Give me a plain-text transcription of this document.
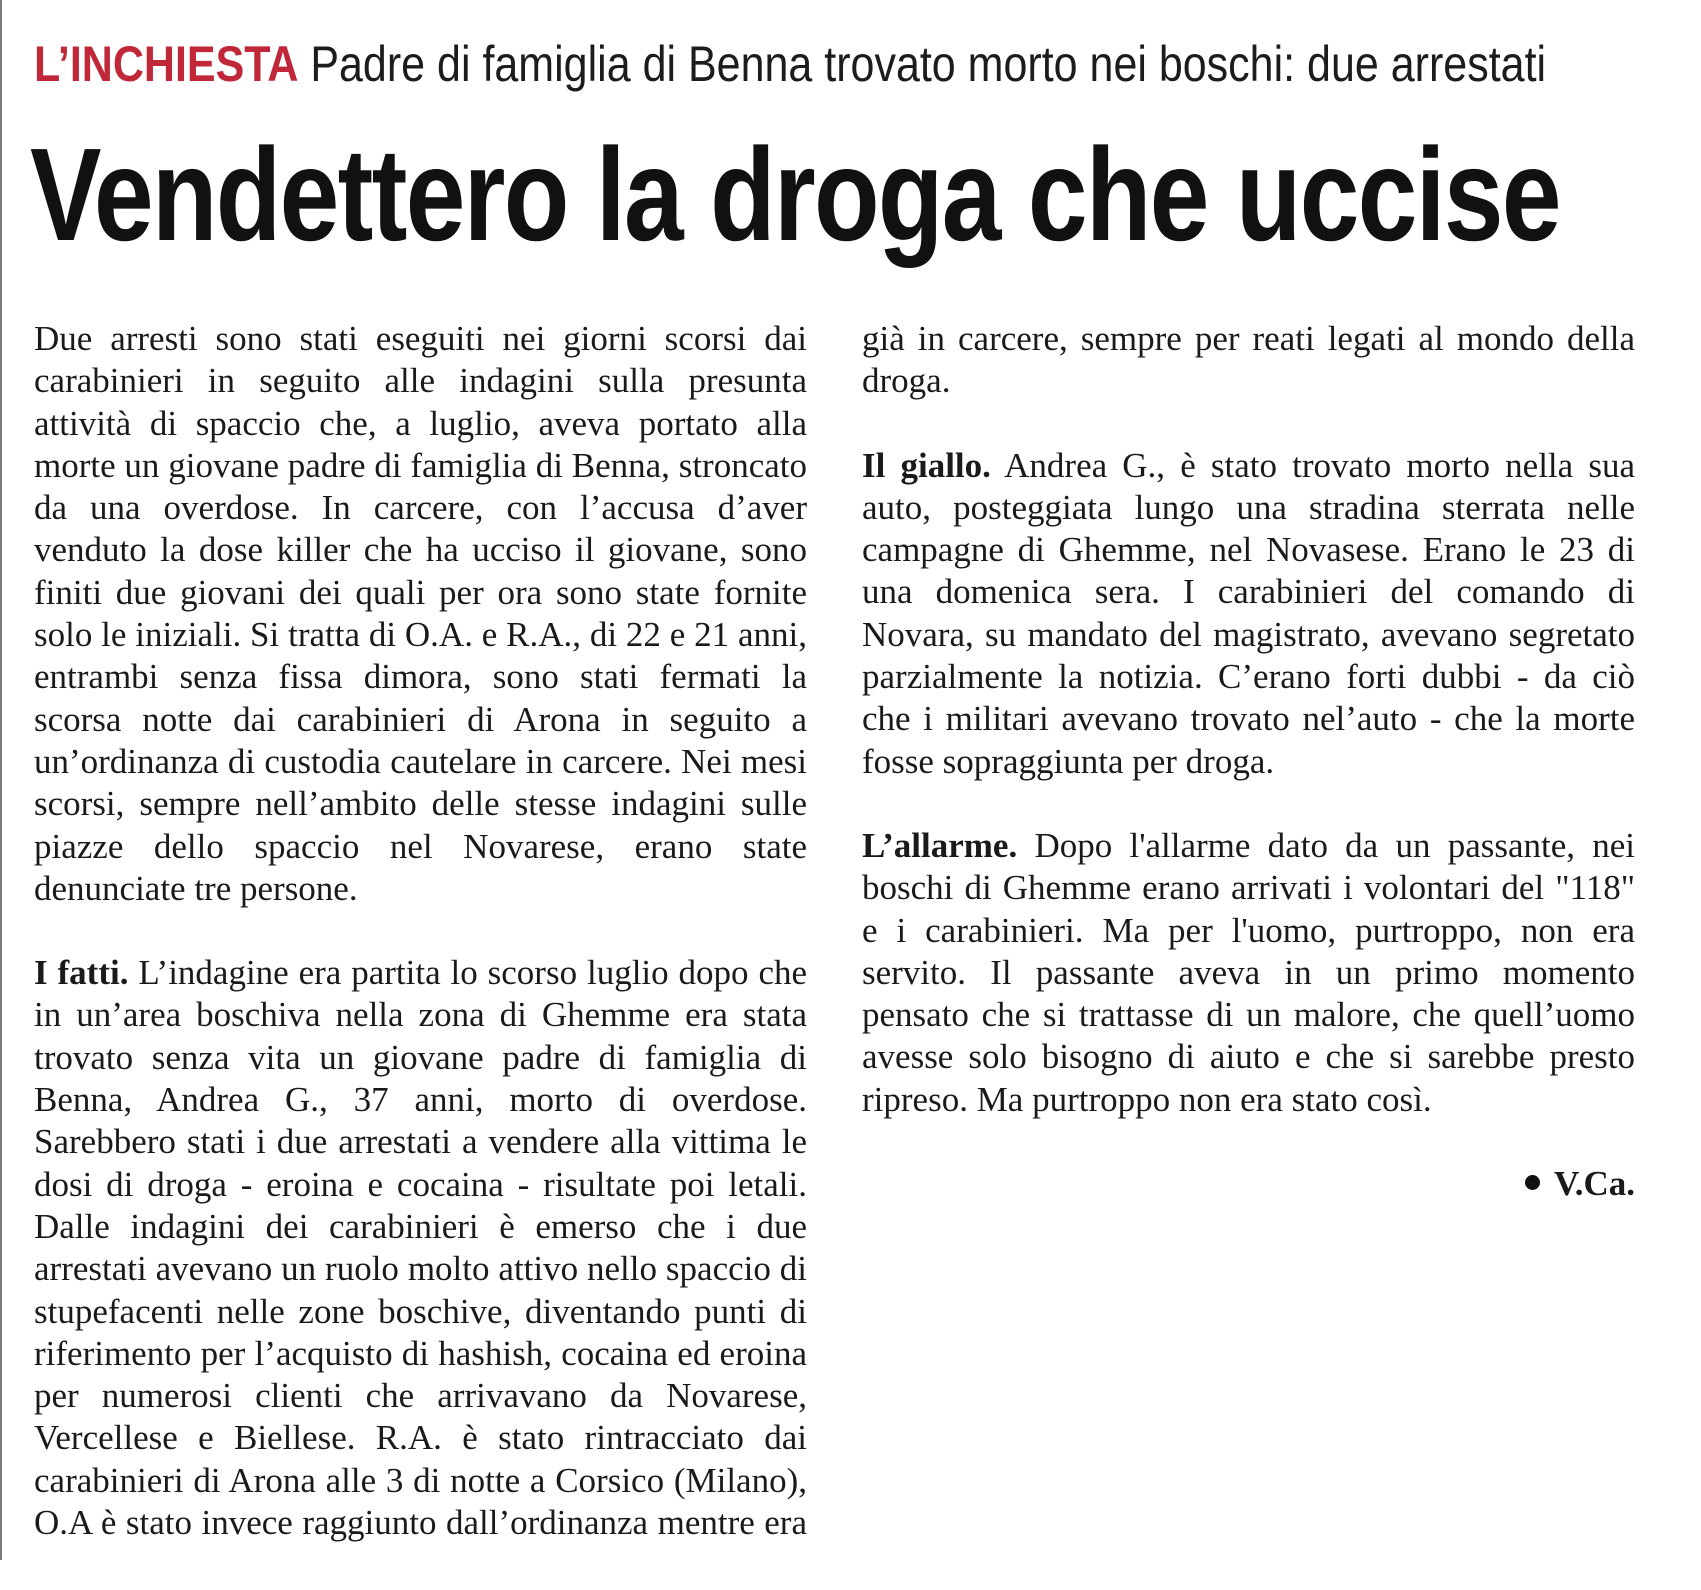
L’INCHIESTA Padre di famiglia di Benna trovato morto nei boschi: due arrestati
Vendettero la droga che uccise

Due arresti sono stati eseguiti nei giorni scorsi dai carabinieri in seguito alle indagini sulla presunta attività di spaccio che, a luglio, aveva portato alla morte un giovane padre di famiglia di Benna, stroncato da una overdose. In carcere, con l’accusa d’aver venduto la dose killer che ha ucciso il giovane, sono finiti due giovani dei quali per ora sono state fornite solo le iniziali. Si tratta di O.A. e R.A., di 22 e 21 anni, entrambi senza fissa dimora, sono stati fermati la scorsa notte dai carabinieri di Arona in seguito a un’ordinanza di custodia cautelare in carcere. Nei mesi scorsi, sempre nell’ambito delle stesse indagini sulle piazze dello spaccio nel Novarese, erano state denunciate tre persone.

I fatti. L’indagine era partita lo scorso luglio dopo che in un’area boschiva nella zona di Ghemme era stata trovato senza vita un giovane padre di famiglia di Benna, Andrea G., 37 anni, morto di overdose. Sarebbero stati i due arrestati a vendere alla vittima le dosi di droga - eroina e cocaina - risultate poi letali. Dalle indagini dei carabinieri è emerso che i due arrestati avevano un ruolo molto attivo nello spaccio di stupefacenti nelle zone boschive, diventando punti di riferimento per l’acquisto di hashish, cocaina ed eroina per numerosi clienti che arrivavano da Novarese, Vercellese e Biellese. R.A. è stato rintracciato dai carabinieri di Arona alle 3 di notte a Corsico (Milano), O.A è stato invece raggiunto dall’ordinanza mentre era

già in carcere, sempre per reati legati al mondo della droga.

Il giallo. Andrea G., è stato trovato morto nella sua auto, posteggiata lungo una stradina sterrata nelle campagne di Ghemme, nel Novasese. Erano le 23 di una domenica sera. I carabinieri del comando di Novara, su mandato del magistrato, avevano segretato parzialmente la notizia. C’erano forti dubbi - da ciò che i militari avevano trovato nel’auto - che la morte fosse sopraggiunta per droga.

L’allarme. Dopo l'allarme dato da un passante, nei boschi di Ghemme erano arrivati i volontari del "118" e i carabinieri. Ma per l'uomo, purtroppo, non era servito. Il passante aveva in un primo momento pensato che si trattasse di un malore, che quell’uomo avesse solo bisogno di aiuto e che si sarebbe presto ripreso. Ma purtroppo non era stato così.

V.Ca.
